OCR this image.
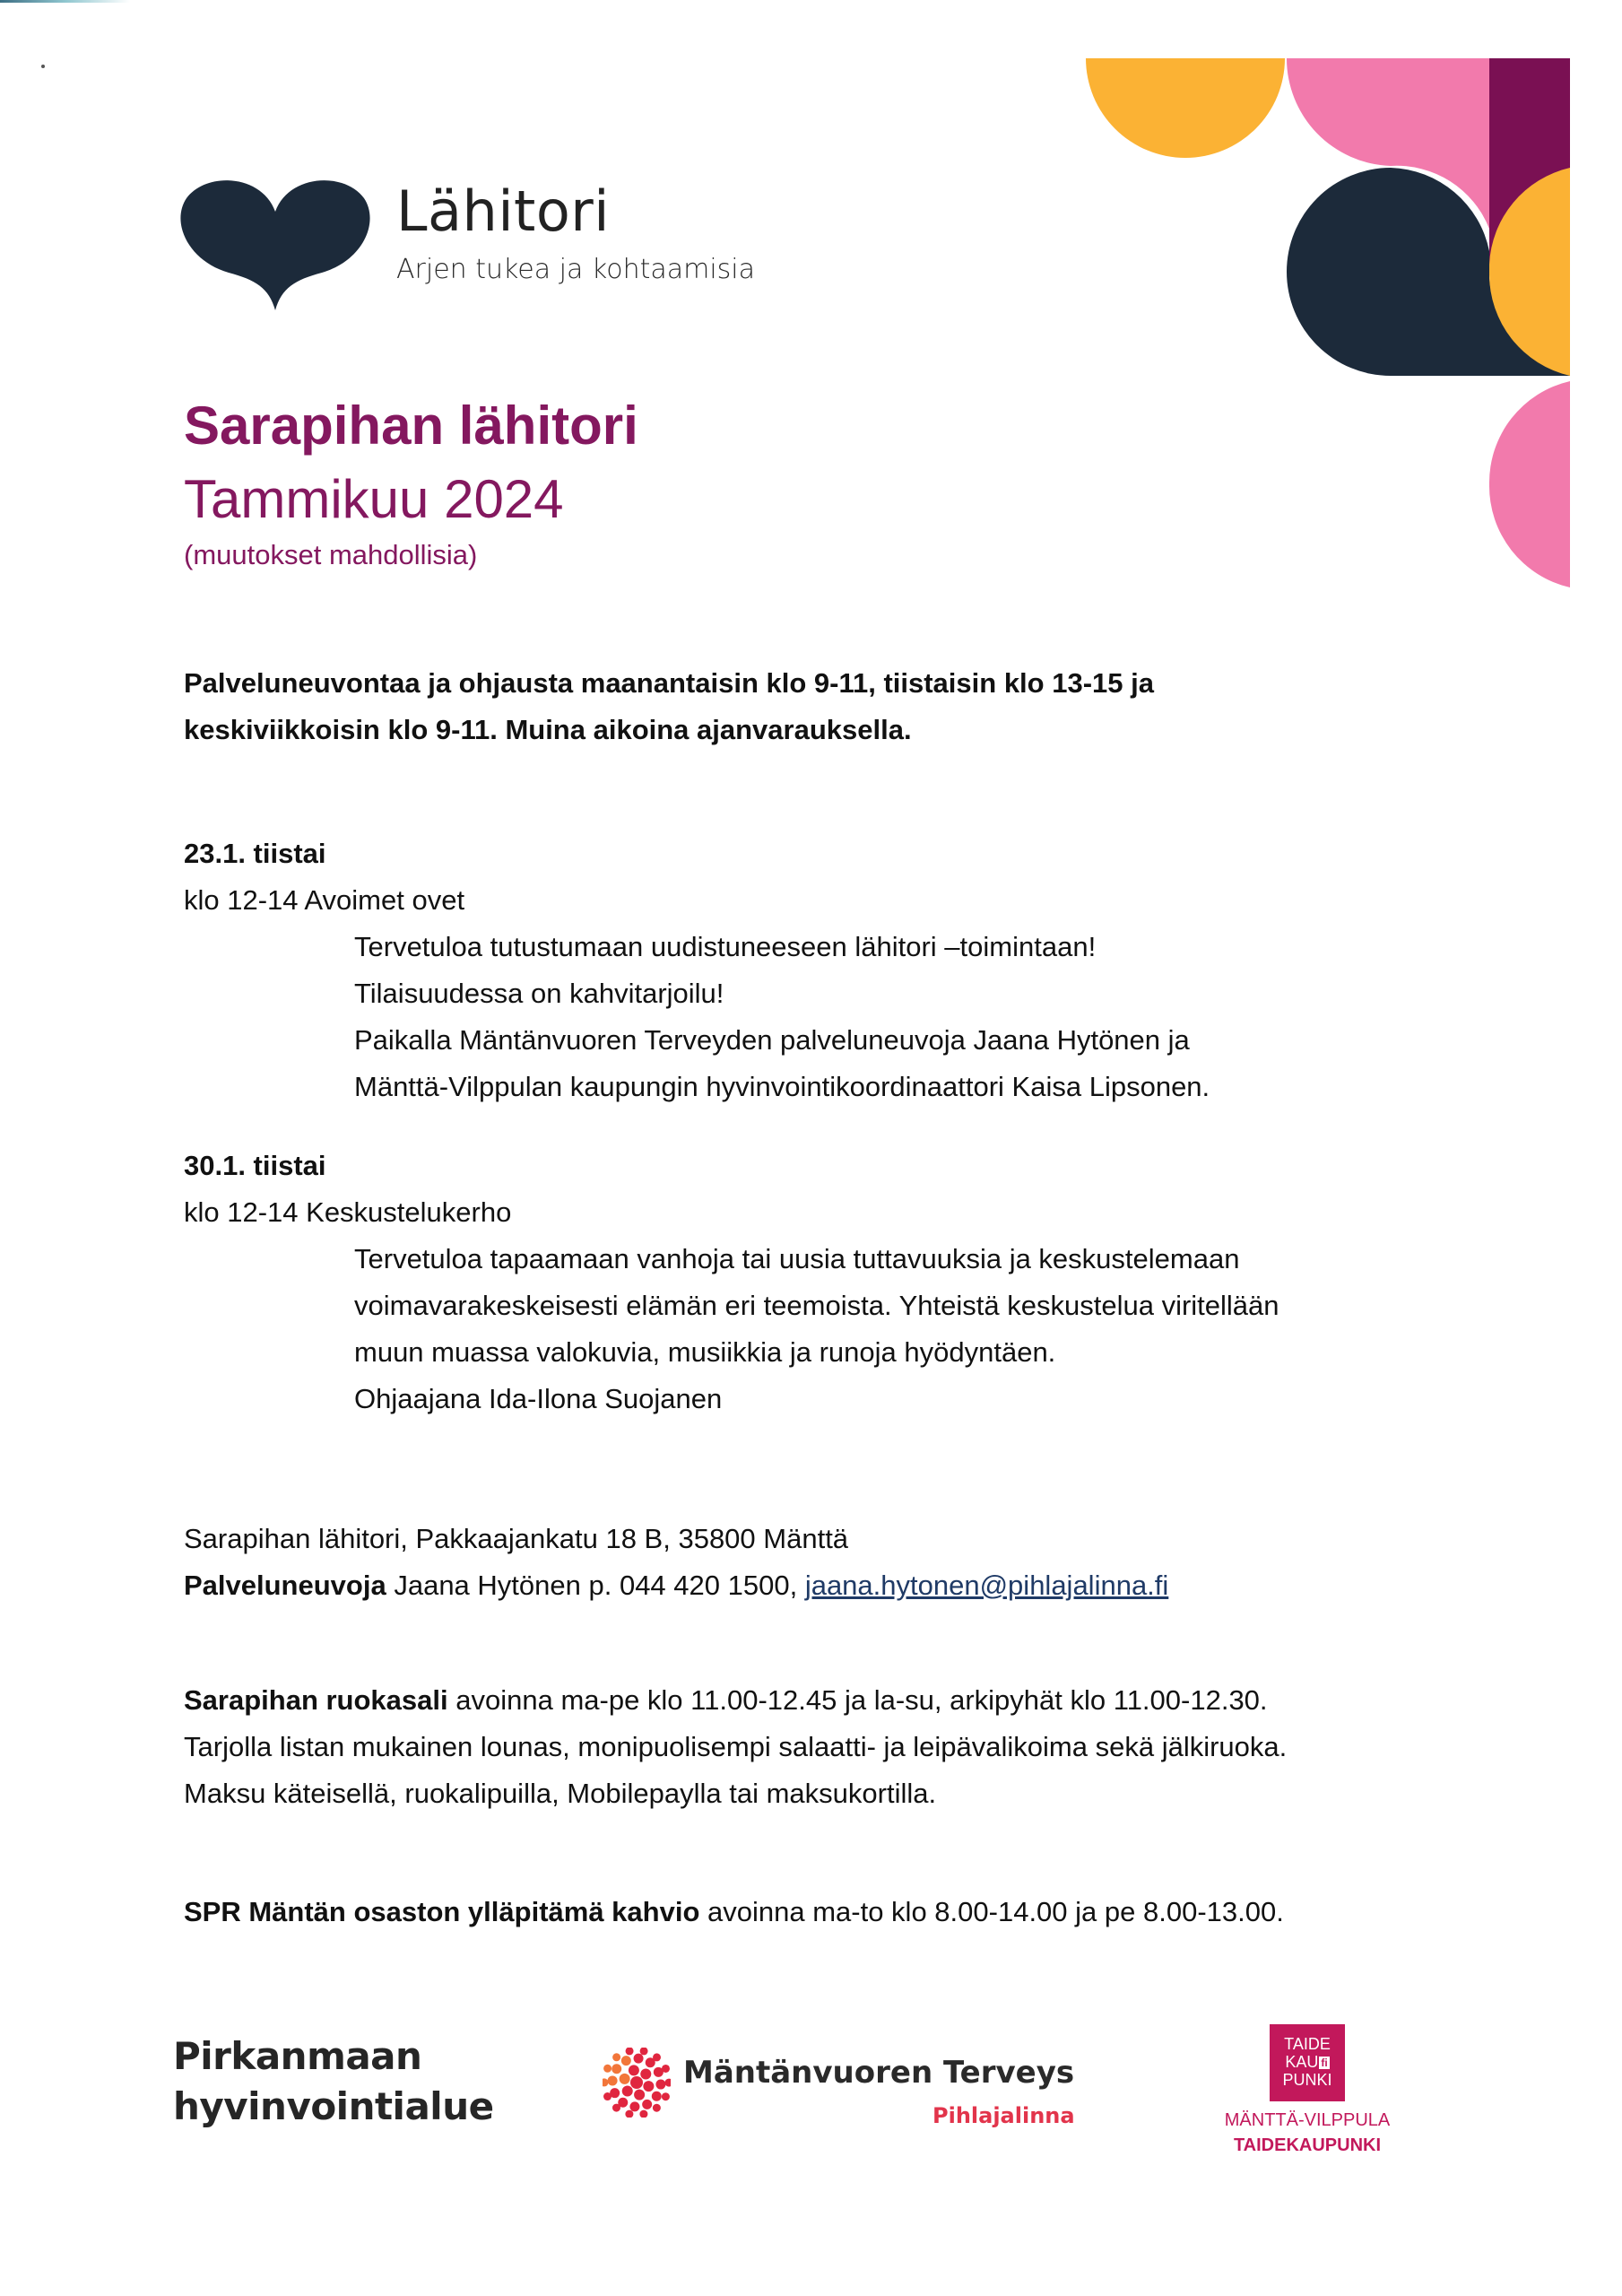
Lähitori
Arjen tukea ja kohtaamisia
Sarapihan lähitori
Tammikuu 2024
(muutokset mahdollisia)
Palveluneuvontaa ja ohjausta maanantaisin klo 9-11, tiistaisin klo 13-15 ja
keskiviikkoisin klo 9-11. Muina aikoina ajanvarauksella.
23.1. tiistai
klo 12-14 Avoimet ovet
Tervetuloa tutustumaan uudistuneeseen lähitori –toimintaan!
Tilaisuudessa on kahvitarjoilu!
Paikalla Mäntänvuoren Terveyden palveluneuvoja Jaana Hytönen ja
Mänttä-Vilppulan kaupungin hyvinvointikoordinaattori Kaisa Lipsonen.
30.1. tiistai
klo 12-14 Keskustelukerho
Tervetuloa tapaamaan vanhoja tai uusia tuttavuuksia ja keskustelemaan
voimavarakeskeisesti elämän eri teemoista. Yhteistä keskustelua viritellään
muun muassa valokuvia, musiikkia ja runoja hyödyntäen.
Ohjaajana Ida-Ilona Suojanen
Sarapihan lähitori, Pakkaajankatu 18 B, 35800 Mänttä
Palveluneuvoja Jaana Hytönen p. 044 420 1500, jaana.hytonen@pihlajalinna.fi
Sarapihan ruokasali avoinna ma-pe klo 11.00-12.45 ja la-su, arkipyhät klo 11.00-12.30.
Tarjolla listan mukainen lounas, monipuolisempi salaatti- ja leipävalikoima sekä jälkiruoka.
Maksu käteisellä, ruokalipuilla, Mobilepaylla tai maksukortilla.
SPR Mäntän osaston ylläpitämä kahvio avoinna ma-to klo 8.00-14.00 ja pe 8.00-13.00.
Pirkanmaan
hyvinvointialue
Mäntänvuoren Terveys
Pihlajalinna
TAIDE
KAU fi
PUNKI
MÄNTTÄ-VILPPULA
TAIDEKAUPUNKI
